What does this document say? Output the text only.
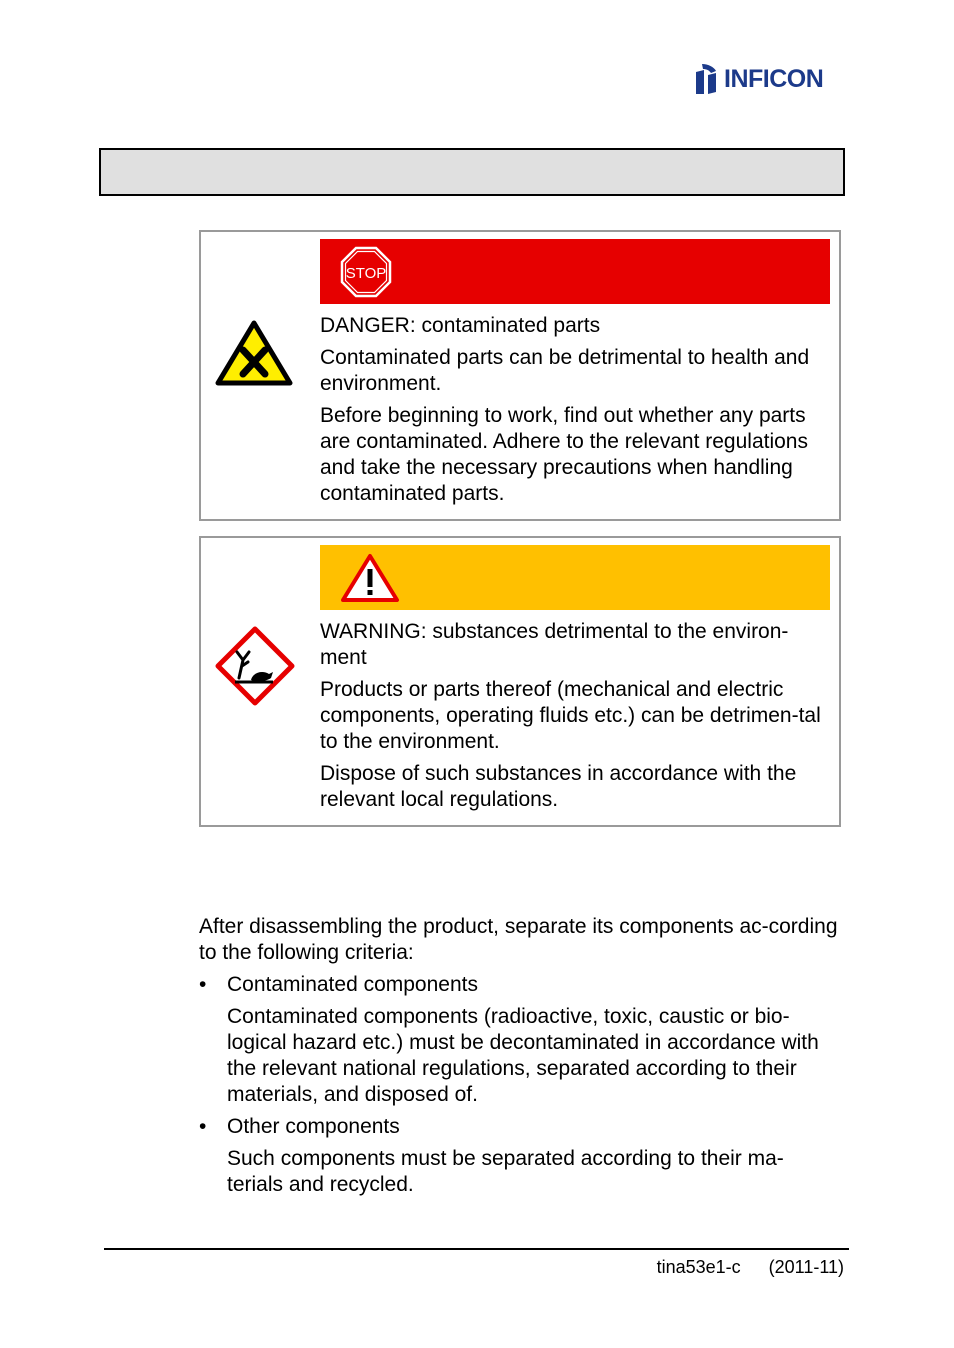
INFICON
STOP

DANGER: contaminated parts

Contaminated parts can be detrimental to health and environment.

Before beginning to work, find out whether any parts are contaminated. Adhere to the relevant regulations and take the necessary precautions when handling contaminated parts.

WARNING: substances detrimental to the environ-ment

Products or parts thereof (mechanical and electric components, operating fluids etc.) can be detrimen-tal to the environment.

Dispose of such substances in accordance with the relevant local regulations.

After disassembling the product, separate its components ac-cording to the following criteria:

• Contaminated components

Contaminated components (radioactive, toxic, caustic or bio-logical hazard etc.) must be decontaminated in accordance with the relevant national regulations, separated according to their materials, and disposed of.

• Other components

Such components must be separated according to their ma-terials and recycled.

tina53e1-c (2011-11)
